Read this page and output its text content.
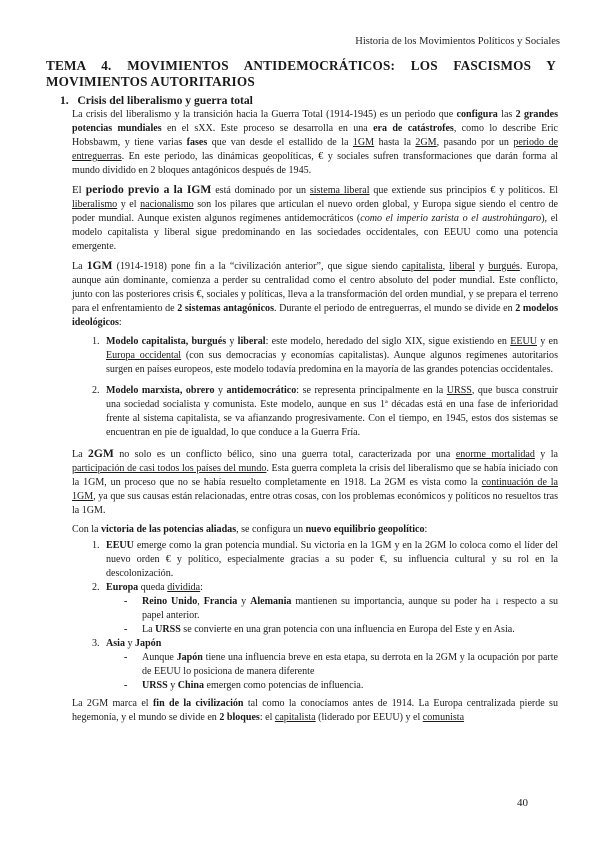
Historia de los Movimientos Políticos y Sociales
TEMA 4. MOVIMIENTOS ANTIDEMOCRÁTICOS: LOS FASCISMOS Y MOVIMIENTOS AUTORITARIOS
1. Crisis del liberalismo y guerra total

La crisis del liberalismo y la transición hacia la Guerra Total (1914-1945) es un periodo que configura las 2 grandes potencias mundiales en el sXX. Este proceso se desarrolla en una era de catástrofes, como lo describe Eric Hobsbawm, y tiene varias fases que van desde el estallido de la 1GM hasta la 2GM, pasando por un periodo de entreguerras. En este periodo, las dinámicas geopolíticas, € y sociales sufren transformaciones que darán forma al mundo dividido en 2 bloques antagónicos después de 1945.

El periodo previo a la IGM está dominado por un sistema liberal que extiende sus principios € y políticos. El liberalismo y el nacionalismo son los pilares que articulan el nuevo orden global, y Europa sigue siendo el centro de poder mundial. Aunque existen algunos regímenes antidemocráticos (como el imperio zarista o el austrohúngaro), el modelo capitalista y liberal sigue predominando en las sociedades occidentales, con EEUU como una potencia emergente.

La 1GM (1914-1918) pone fin a la “civilización anterior”, que sigue siendo capitalista, liberal y burgués. Europa, aunque aún dominante, comienza a perder su centralidad como el centro absoluto del poder mundial. Este conflicto, junto con las posteriores crisis €, sociales y políticas, lleva a la transformación del orden mundial, y se prepara el terreno para el enfrentamiento de 2 sistemas antagónicos. Durante el periodo de entreguerras, el mundo se divide en 2 modelos ideológicos:

1. Modelo capitalista, burgués y liberal: este modelo, heredado del siglo XIX, sigue existiendo en EEUU y en Europa occidental (con sus democracias y economías capitalistas). Aunque algunos regímenes autoritarios surgen en países europeos, este modelo todavía predomina en la mayoría de las grandes potencias occidentales.
2. Modelo marxista, obrero y antidemocrático: se representa principalmente en la URSS, que busca construir una sociedad socialista y comunista. Este modelo, aunque en sus 1ª décadas está en una fase de inferioridad frente al sistema capitalista, se va afianzando progresivamente. Con el tiempo, en 1945, estos dos sistemas se encuentran en pie de igualdad, lo que conduce a la Guerra Fría.

La 2GM no solo es un conflicto bélico, sino una guerra total, caracterizada por una enorme mortalidad y la participación de casi todos los países del mundo. Esta guerra completa la crisis del liberalismo que se había iniciado con la 1GM, un proceso que no se había resuelto completamente en 1918. La 2GM es vista como la continuación de la 1GM, ya que sus causas están relacionadas, entre otras cosas, con los problemas económicos y políticos no resueltos tras la 1GM.

Con la victoria de las potencias aliadas, se configura un nuevo equilibrio geopolítico:

1. EEUU emerge como la gran potencia mundial. Su victoria en la 1GM y en la 2GM lo coloca como el líder del nuevo orden € y político, especialmente gracias a su poder €, su influencia cultural y su rol en la descolonización.
2. Europa queda dividida:
- Reino Unido, Francia y Alemania mantienen su importancia, aunque su poder ha ↓ respecto a su papel anterior.
- La URSS se convierte en una gran potencia con una influencia en Europa del Este y en Asia.
3. Asia y Japón
- Aunque Japón tiene una influencia breve en esta etapa, su derrota en la 2GM y la ocupación por parte de EEUU lo posiciona de manera diferente
- URSS y China emergen como potencias de influencia.

La 2GM marca el fin de la civilización tal como la conocíamos antes de 1914. La Europa centralizada pierde su hegemonía, y el mundo se divide en 2 bloques: el capitalista (liderado por EEUU) y el comunista

40
